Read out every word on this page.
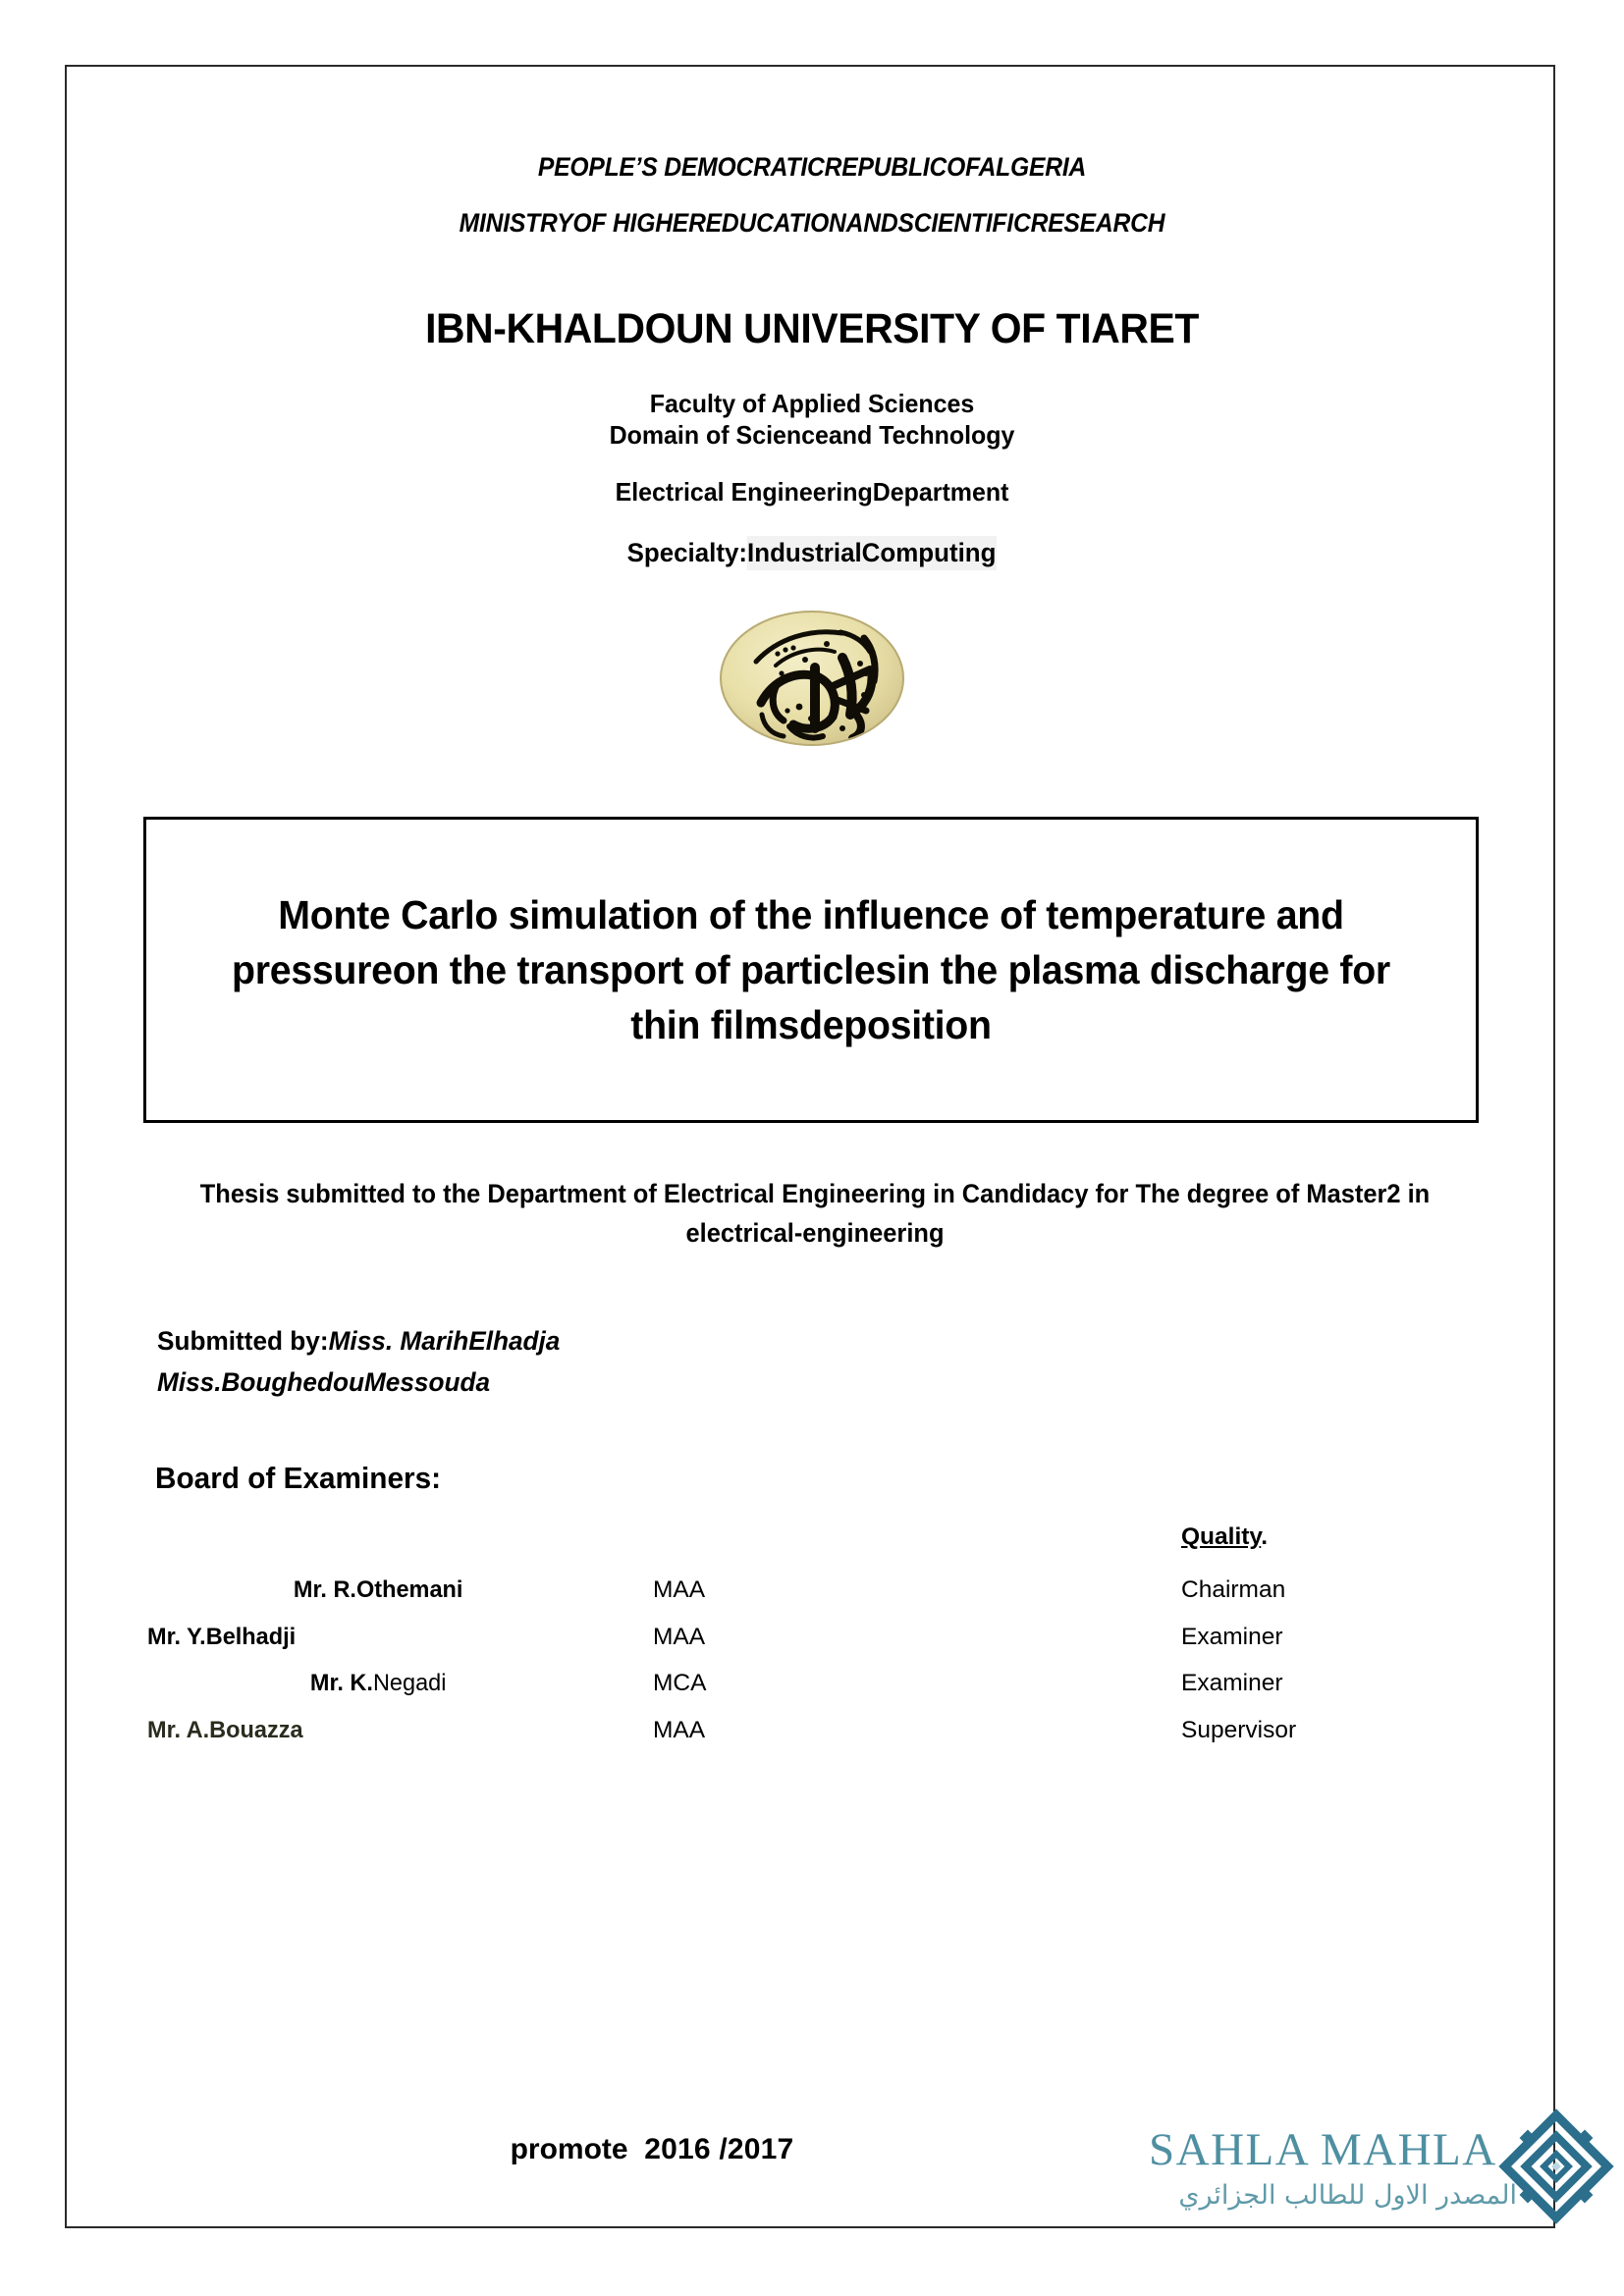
PEOPLE’S DEMOCRATICREPUBLICOFALGERIA
MINISTRYOF HIGHEREDUCATIONANDSCIENTIFICRESEARCH
IBN-KHALDOUN UNIVERSITY OF TIARET
Faculty of Applied Sciences
Domain of Scienceand Technology
Electrical EngineeringDepartment
Specialty:IndustrialComputing
Monte Carlo simulation of the influence of temperature and pressureon the transport of particlesin the plasma discharge for thin filmsdeposition
Thesis submitted to the Department of Electrical Engineering in Candidacy for The degree of Master2 in electrical-engineering
Submitted by:Miss. MarihElhadja
Miss.BoughedouMessouda
Board of Examiners:
Quality.
Mr. R.Othemani	MAA	Chairman
Mr. Y.Belhadji	MAA	Examiner
Mr. K.Negadi	MCA	Examiner
Mr. A.Bouazza	MAA	Supervisor
promote 2016 /2017	SAHLA MAHLA
المصدر الاول للطالب الجزائري
